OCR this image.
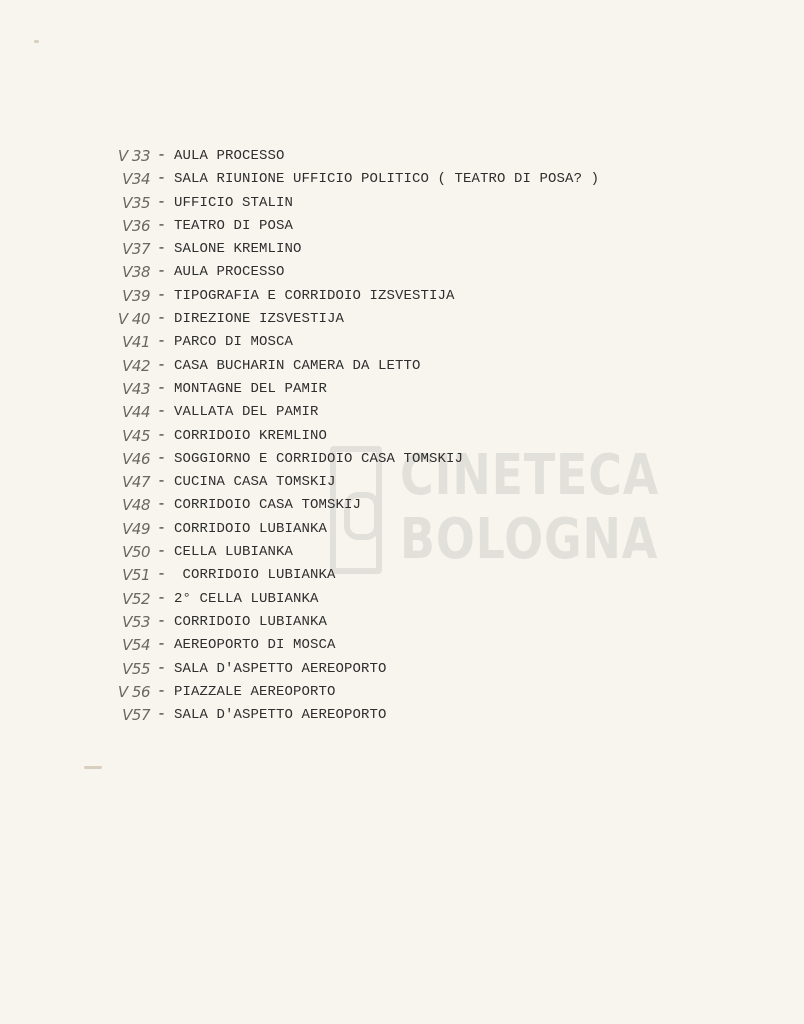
CINETECA
BOLOGNA
V 33 - AULA PROCESSO
V34 - SALA RIUNIONE UFFICIO POLITICO ( TEATRO DI POSA? )
V35 - UFFICIO STALIN
V36 - TEATRO DI POSA
V37 - SALONE KREMLINO
V38 - AULA PROCESSO
V39 - TIPOGRAFIA E CORRIDOIO IZSVESTIJA
V 40 - DIREZIONE IZSVESTIJA
V41 - PARCO DI MOSCA
V42 - CASA BUCHARIN CAMERA DA LETTO
V43 - MONTAGNE DEL PAMIR
V44 - VALLATA DEL PAMIR
V45 - CORRIDOIO KREMLINO
V46 - SOGGIORNO E CORRIDOIO CASA TOMSKIJ
V47 - CUCINA CASA TOMSKIJ
V48 - CORRIDOIO CASA TOMSKIJ
V49 - CORRIDOIO LUBIANKA
V50 - CELLA LUBIANKA
V51 - CORRIDOIO LUBIANKA
V52 - 2° CELLA LUBIANKA
V53 - CORRIDOIO LUBIANKA
V54 - AEREOPORTO DI MOSCA
V55 - SALA D'ASPETTO AEREOPORTO
V 56 - PIAZZALE AEREOPORTO
V57 - SALA D'ASPETTO AEREOPORTO
